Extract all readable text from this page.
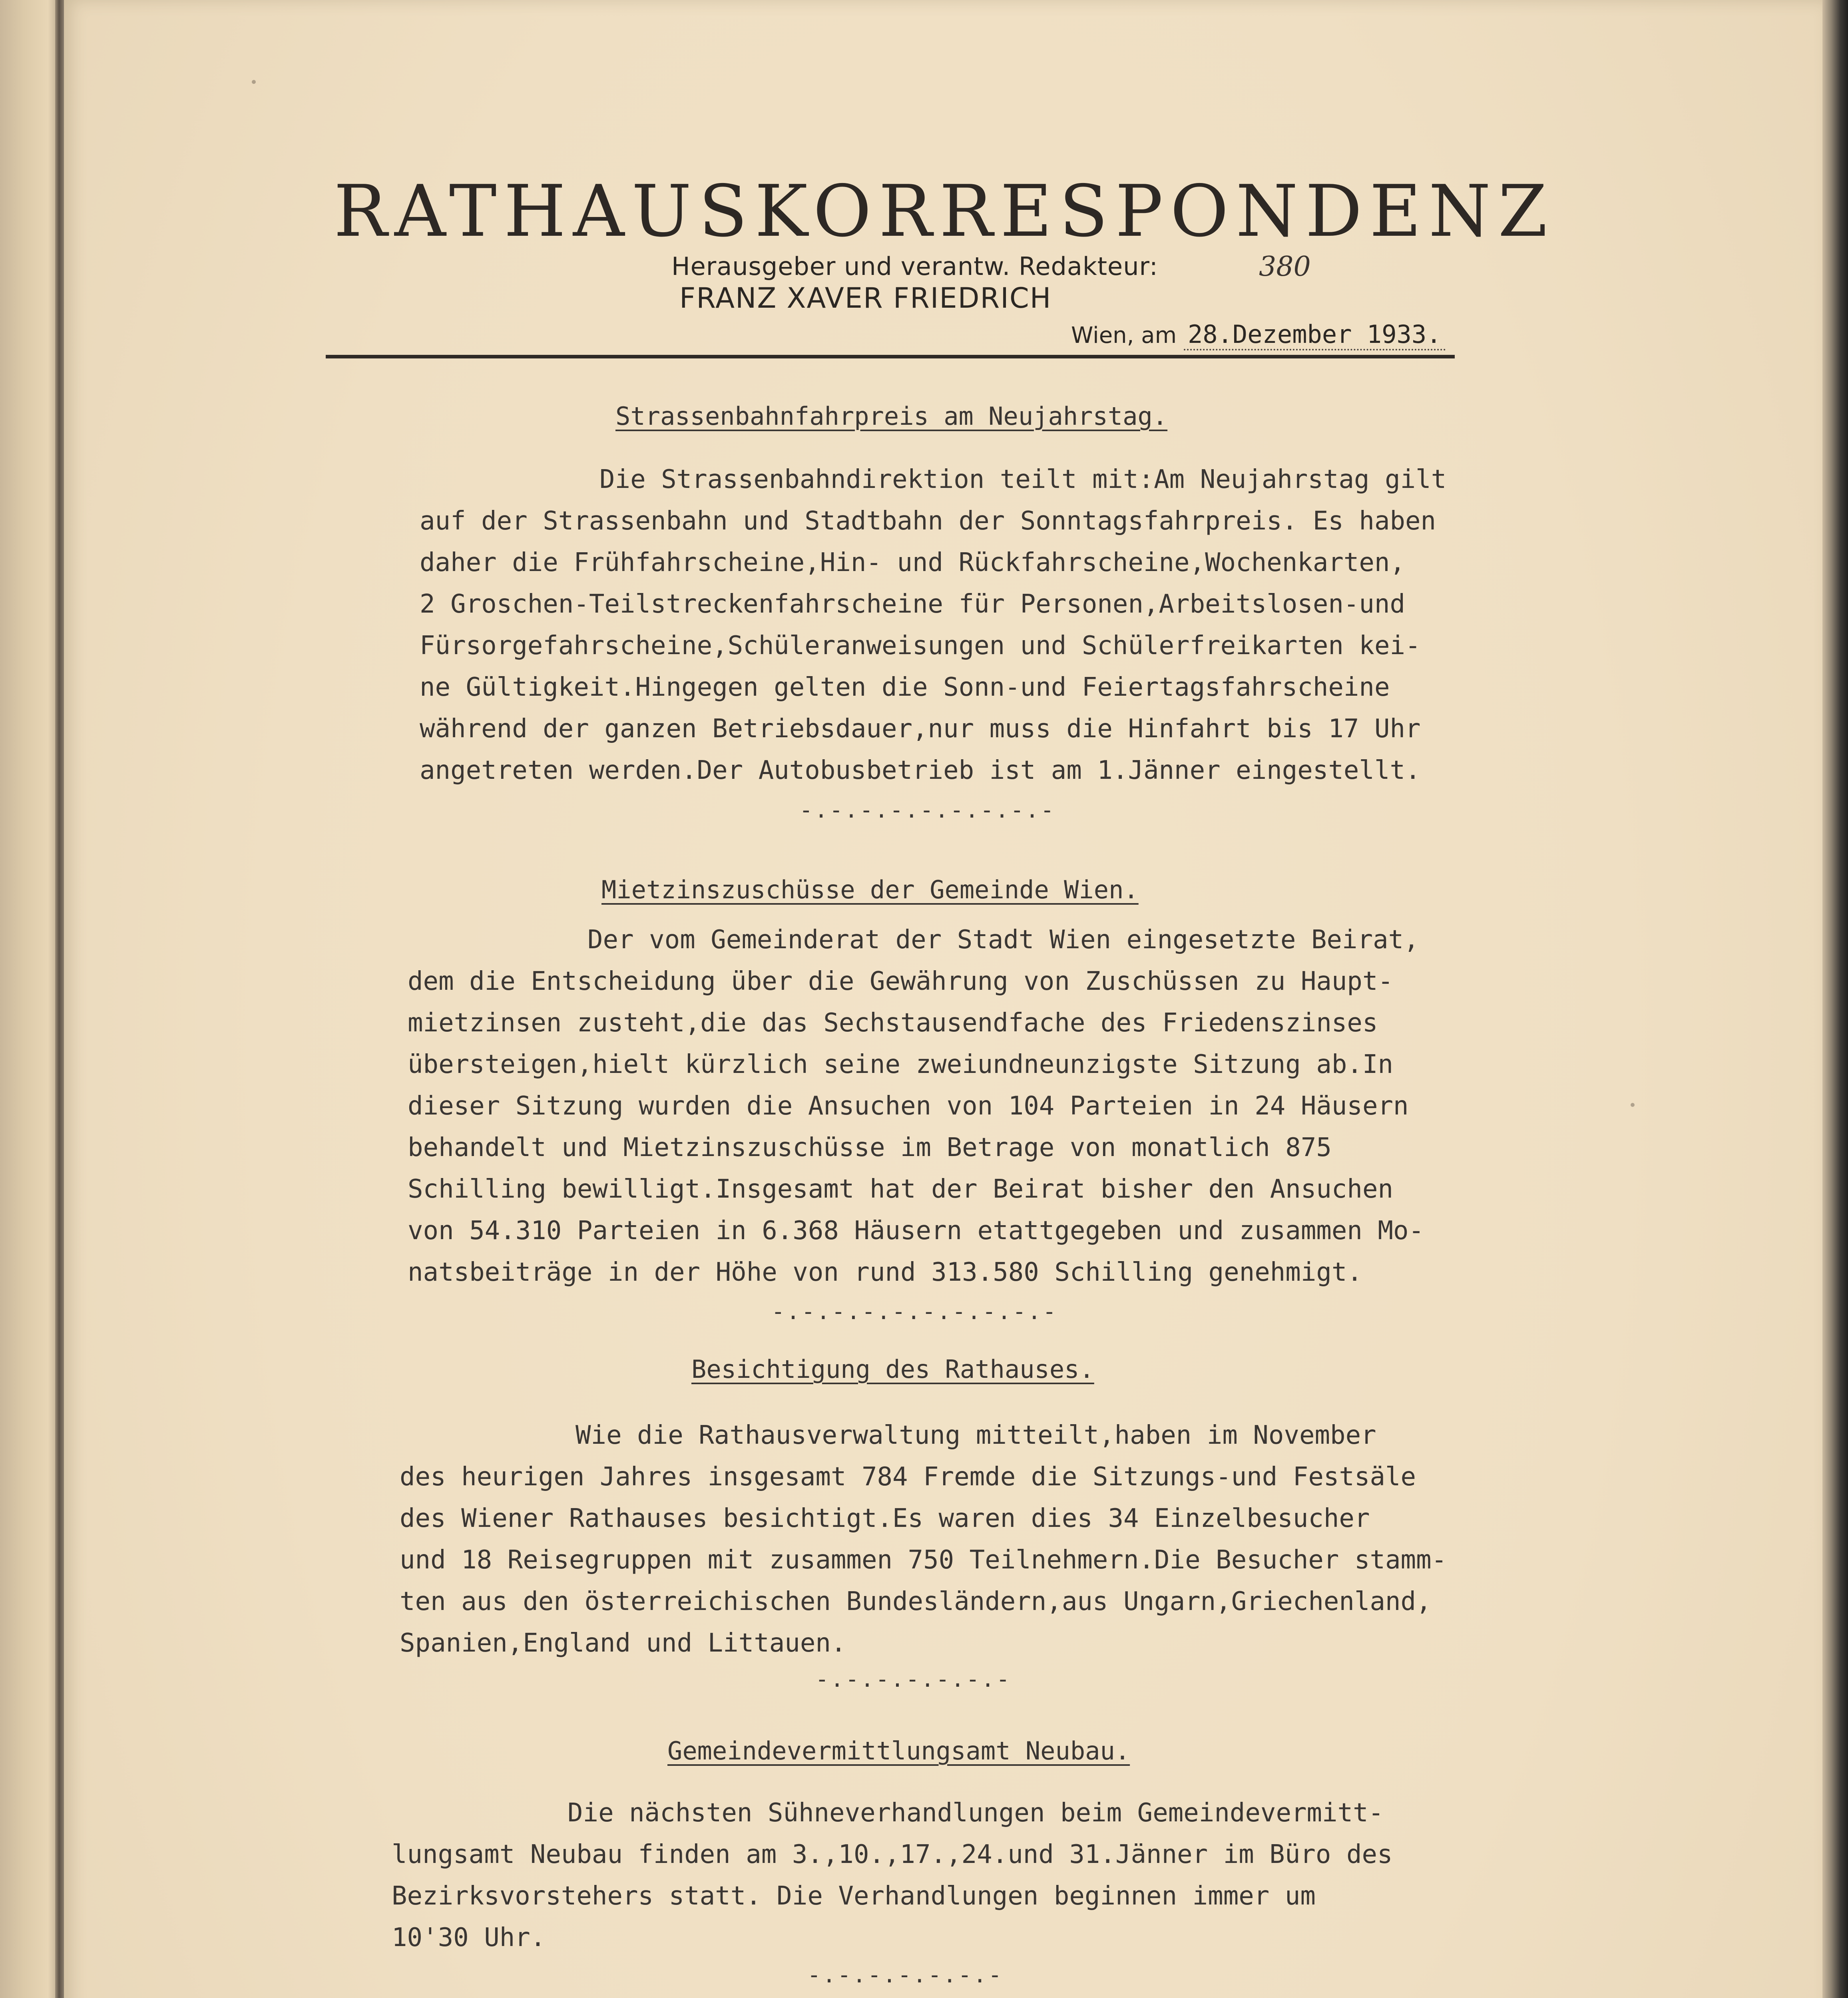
RATHAUSKORRESPONDENZ
Herausgeber und verantw. Redakteur:
FRANZ XAVER FRIEDRICH
380
Wien, am 28.Dezember 1933.
Strassenbahnfahrpreis am Neujahrstag.
Die Strassenbahndirektion teilt mit:Am Neujahrstag gilt
auf der Strassenbahn und Stadtbahn der Sonntagsfahrpreis. Es haben
daher die Frühfahrscheine,Hin- und Rückfahrscheine,Wochenkarten,
2 Groschen-Teilstreckenfahrscheine für Personen,Arbeitslosen-und
Fürsorgefahrscheine,Schüleranweisungen und Schülerfreikarten kei-
ne Gültigkeit.Hingegen gelten die Sonn-und Feiertagsfahrscheine
während der ganzen Betriebsdauer,nur muss die Hinfahrt bis 17 Uhr
angetreten werden.Der Autobusbetrieb ist am 1.Jänner eingestellt.
-.-.-.-.-.-.-.-.-
Mietzinszuschüsse der Gemeinde Wien.
Der vom Gemeinderat der Stadt Wien eingesetzte Beirat,
dem die Entscheidung über die Gewährung von Zuschüssen zu Haupt-
mietzinsen zusteht,die das Sechstausendfache des Friedenszinses
übersteigen,hielt kürzlich seine zweiundneunzigste Sitzung ab.In
dieser Sitzung wurden die Ansuchen von 104 Parteien in 24 Häusern
behandelt und Mietzinszuschüsse im Betrage von monatlich 875
Schilling bewilligt.Insgesamt hat der Beirat bisher den Ansuchen
von 54.310 Parteien in 6.368 Häusern etattgegeben und zusammen Mo-
natsbeiträge in der Höhe von rund 313.580 Schilling genehmigt.
-.-.-.-.-.-.-.-.-.-
Besichtigung des Rathauses.
Wie die Rathausverwaltung mitteilt,haben im November
des heurigen Jahres insgesamt 784 Fremde die Sitzungs-und Festsäle
des Wiener Rathauses besichtigt.Es waren dies 34 Einzelbesucher
und 18 Reisegruppen mit zusammen 750 Teilnehmern.Die Besucher stamm-
ten aus den österreichischen Bundesländern,aus Ungarn,Griechenland,
Spanien,England und Littauen.
-.-.-.-.-.-.-
Gemeindevermittlungsamt Neubau.
Die nächsten Sühneverhandlungen beim Gemeindevermitt-
lungsamt Neubau finden am 3.,10.,17.,24.und 31.Jänner im Büro des
Bezirksvorstehers statt. Die Verhandlungen beginnen immer um
10'30 Uhr.
-.-.-.-.-.-.-
